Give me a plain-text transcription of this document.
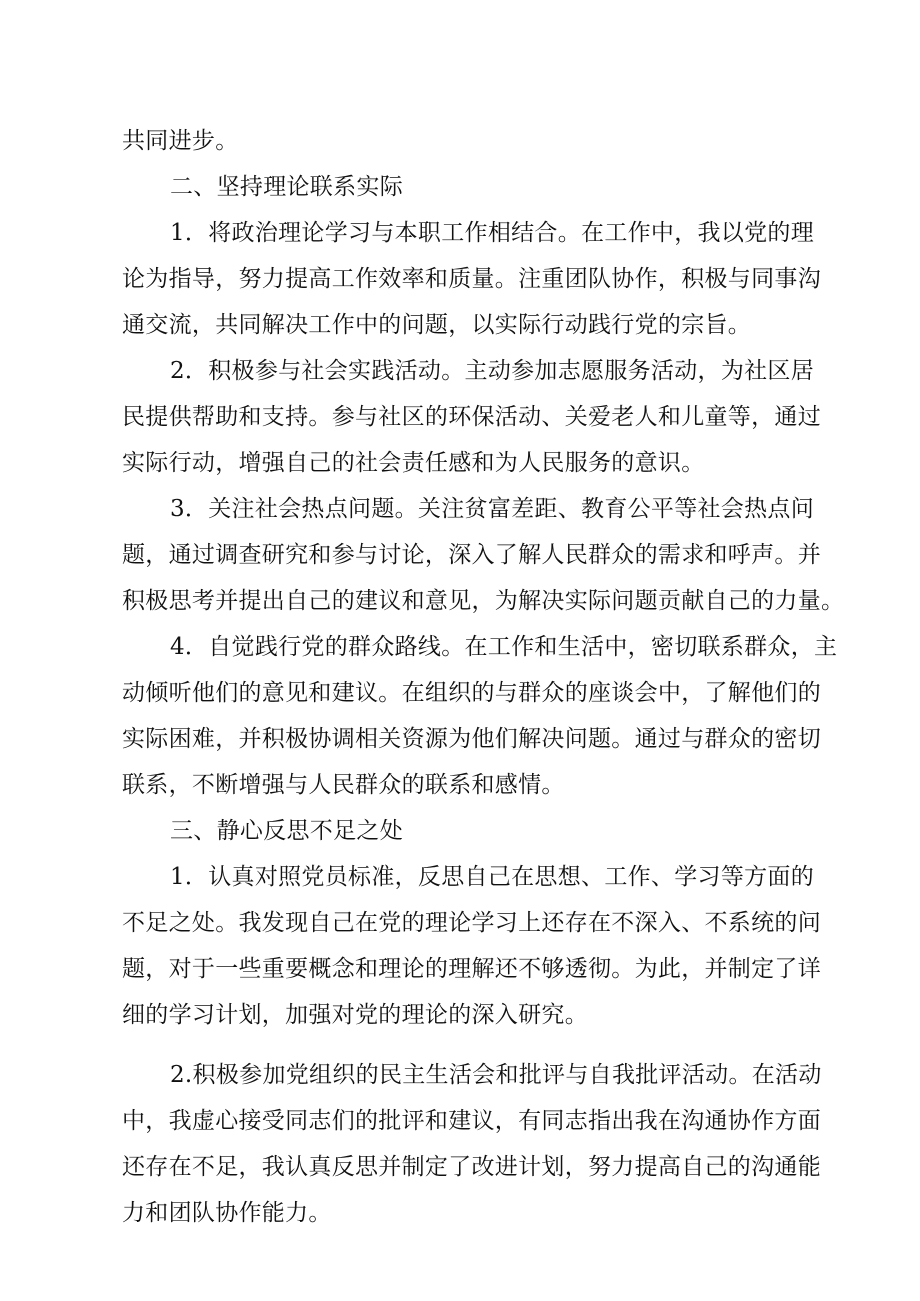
共同进步。
二、坚持理论联系实际
1．将政治理论学习与本职工作相结合。在工作中，我以党的理
论为指导，努力提高工作效率和质量。注重团队协作，积极与同事沟
通交流，共同解决工作中的问题，以实际行动践行党的宗旨。
2．积极参与社会实践活动。主动参加志愿服务活动，为社区居
民提供帮助和支持。参与社区的环保活动、关爱老人和儿童等，通过
实际行动，增强自己的社会责任感和为人民服务的意识。
3．关注社会热点问题。关注贫富差距、教育公平等社会热点问
题，通过调查研究和参与讨论，深入了解人民群众的需求和呼声。并
积极思考并提出自己的建议和意见，为解决实际问题贡献自己的力量。
4．自觉践行党的群众路线。在工作和生活中，密切联系群众，主
动倾听他们的意见和建议。在组织的与群众的座谈会中，了解他们的
实际困难，并积极协调相关资源为他们解决问题。通过与群众的密切
联系，不断增强与人民群众的联系和感情。
三、静心反思不足之处
1．认真对照党员标准，反思自己在思想、工作、学习等方面的
不足之处。我发现自己在党的理论学习上还存在不深入、不系统的问
题，对于一些重要概念和理论的理解还不够透彻。为此，并制定了详
细的学习计划，加强对党的理论的深入研究。
2.积极参加党组织的民主生活会和批评与自我批评活动。在活动
中，我虚心接受同志们的批评和建议，有同志指出我在沟通协作方面
还存在不足，我认真反思并制定了改进计划，努力提高自己的沟通能
力和团队协作能力。
